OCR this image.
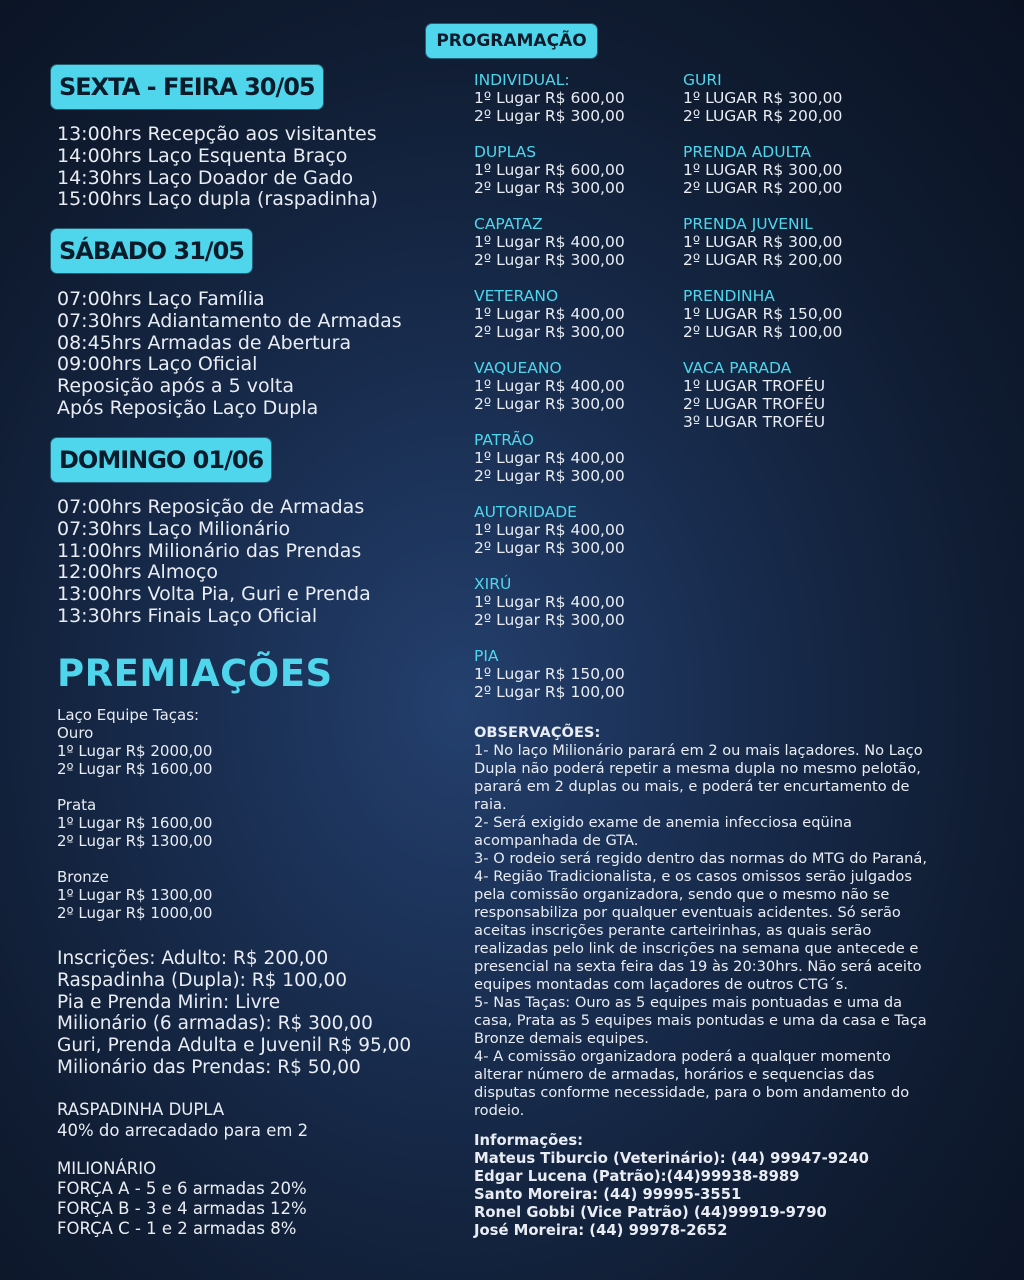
PROGRAMAÇÃO
SEXTA - FEIRA 30/05
13:00hrs Recepção aos visitantes
14:00hrs Laço Esquenta Braço
14:30hrs Laço Doador de Gado
15:00hrs Laço dupla (raspadinha)
SÁBADO 31/05
07:00hrs Laço Família
07:30hrs Adiantamento de Armadas
08:45hrs Armadas de Abertura
09:00hrs Laço Oficial
Reposição após a 5 volta
Após Reposição Laço Dupla
DOMINGO 01/06
07:00hrs Reposição de Armadas
07:30hrs Laço Milionário
11:00hrs Milionário das Prendas
12:00hrs Almoço
13:00hrs Volta Pia, Guri e Prenda
13:30hrs Finais Laço Oficial
PREMIAÇÕES
Laço Equipe Taças:
Ouro
1º Lugar R$ 2000,00
2º Lugar R$ 1600,00
Prata
1º Lugar R$ 1600,00
2º Lugar R$ 1300,00
Bronze
1º Lugar R$ 1300,00
2º Lugar R$ 1000,00
Inscrições: Adulto: R$ 200,00
Raspadinha (Dupla): R$ 100,00
Pia e Prenda Mirin: Livre
Milionário (6 armadas): R$ 300,00
Guri, Prenda Adulta e Juvenil R$ 95,00
Milionário das Prendas: R$ 50,00
RASPADINHA DUPLA
40% do arrecadado para em 2
MILIONÁRIO
FORÇA A - 5 e 6 armadas 20%
FORÇA B - 3 e 4 armadas 12%
FORÇA C - 1 e 2 armadas 8%
INDIVIDUAL:
1º Lugar R$ 600,00
2º Lugar R$ 300,00
DUPLAS
1º Lugar R$ 600,00
2º Lugar R$ 300,00
CAPATAZ
1º Lugar R$ 400,00
2º Lugar R$ 300,00
VETERANO
1º Lugar R$ 400,00
2º Lugar R$ 300,00
VAQUEANO
1º Lugar R$ 400,00
2º Lugar R$ 300,00
PATRÃO
1º Lugar R$ 400,00
2º Lugar R$ 300,00
AUTORIDADE
1º Lugar R$ 400,00
2º Lugar R$ 300,00
XIRÚ
1º Lugar R$ 400,00
2º Lugar R$ 300,00
PIA
1º Lugar R$ 150,00
2º Lugar R$ 100,00
GURI
1º LUGAR R$ 300,00
2º LUGAR R$ 200,00
PRENDA ADULTA
1º LUGAR R$ 300,00
2º LUGAR R$ 200,00
PRENDA JUVENIL
1º LUGAR R$ 300,00
2º LUGAR R$ 200,00
PRENDINHA
1º LUGAR R$ 150,00
2º LUGAR R$ 100,00
VACA PARADA
1º LUGAR TROFÉU
2º LUGAR TROFÉU
3º LUGAR TROFÉU
OBSERVAÇÕES:
1- No laço Milionário parará em 2 ou mais laçadores. No Laço
Dupla não poderá repetir a mesma dupla no mesmo pelotão,
parará em 2 duplas ou mais, e poderá ter encurtamento de
raia.
2- Será exigido exame de anemia infecciosa eqüina
acompanhada de GTA.
3- O rodeio será regido dentro das normas do MTG do Paraná,
4- Região Tradicionalista, e os casos omissos serão julgados
pela comissão organizadora, sendo que o mesmo não se
responsabiliza por qualquer eventuais acidentes. Só serão
aceitas inscrições perante carteirinhas, as quais serão
realizadas pelo link de inscrições na semana que antecede e
presencial na sexta feira das 19 às 20:30hrs. Não será aceito
equipes montadas com laçadores de outros CTG´s.
5- Nas Taças: Ouro as 5 equipes mais pontuadas e uma da
casa, Prata as 5 equipes mais pontudas e uma da casa e Taça
Bronze demais equipes.
4- A comissão organizadora poderá a qualquer momento
alterar número de armadas, horários e sequencias das
disputas conforme necessidade, para o bom andamento do
rodeio.
Informações:
Mateus Tiburcio (Veterinário): (44) 99947-9240
Edgar Lucena (Patrão):(44)99938-8989
Santo Moreira: (44) 99995-3551
Ronel Gobbi (Vice Patrão) (44)99919-9790
José Moreira: (44) 99978-2652
